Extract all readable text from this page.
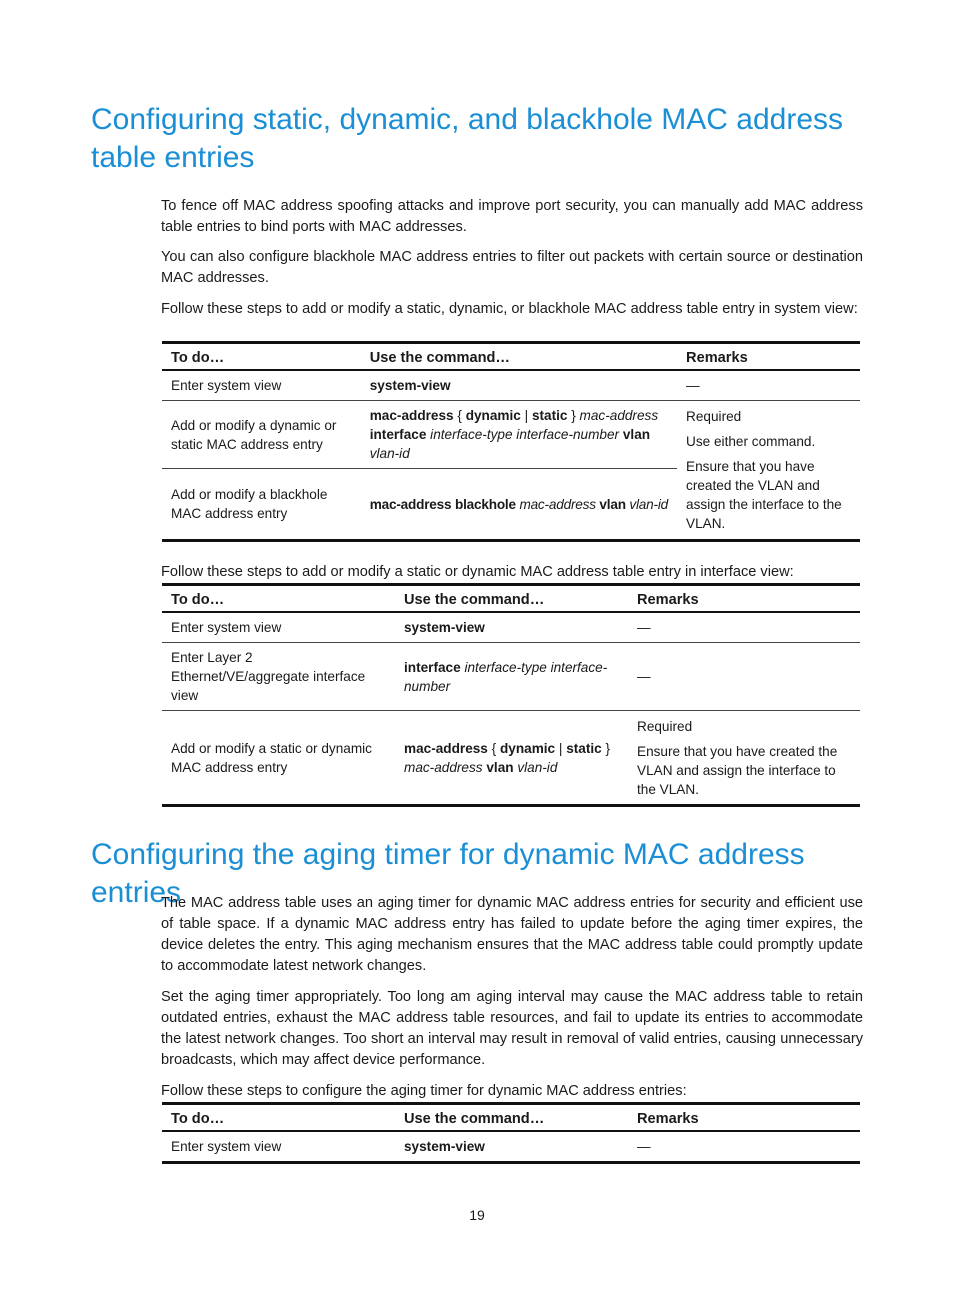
Configuring static, dynamic, and blackhole MAC address
table entries

To fence off MAC address spoofing attacks and improve port security, you can manually add MAC address table entries to bind ports with MAC addresses.

You can also configure blackhole MAC address entries to filter out packets with certain source or destination MAC addresses.

Follow these steps to add or modify a static, dynamic, or blackhole MAC address table entry in system view:

To do…	Use the command…	Remarks
Enter system view	system-view	—
Add or modify a dynamic or static MAC address entry	mac-address { dynamic | static } mac-address interface interface-type interface-number vlan vlan-id	Required

Use either command.

Ensure that you have created the VLAN and assign the interface to the VLAN.

Add or modify a blackhole MAC address entry	mac-address blackhole mac-address vlan vlan-id	

Follow these steps to add or modify a static or dynamic MAC address table entry in interface view:

To do…	Use the command…	Remarks
Enter system view	system-view	—
Enter Layer 2 Ethernet/VE/aggregate interface view	interface interface-type interface-number	—
Add or modify a static or dynamic MAC address entry	mac-address { dynamic | static } mac-address vlan vlan-id	Required

Ensure that you have created the VLAN and assign the interface to the VLAN.

Configuring the aging timer for dynamic MAC address entries

The MAC address table uses an aging timer for dynamic MAC address entries for security and efficient use of table space. If a dynamic MAC address entry has failed to update before the aging timer expires, the device deletes the entry. This aging mechanism ensures that the MAC address table could promptly update to accommodate latest network changes.

Set the aging timer appropriately. Too long am aging interval may cause the MAC address table to retain outdated entries, exhaust the MAC address table resources, and fail to update its entries to accommodate the latest network changes. Too short an interval may result in removal of valid entries, causing unnecessary broadcasts, which may affect device performance.

Follow these steps to configure the aging timer for dynamic MAC address entries:

To do…	Use the command…	Remarks
Enter system view	system-view	—
19
